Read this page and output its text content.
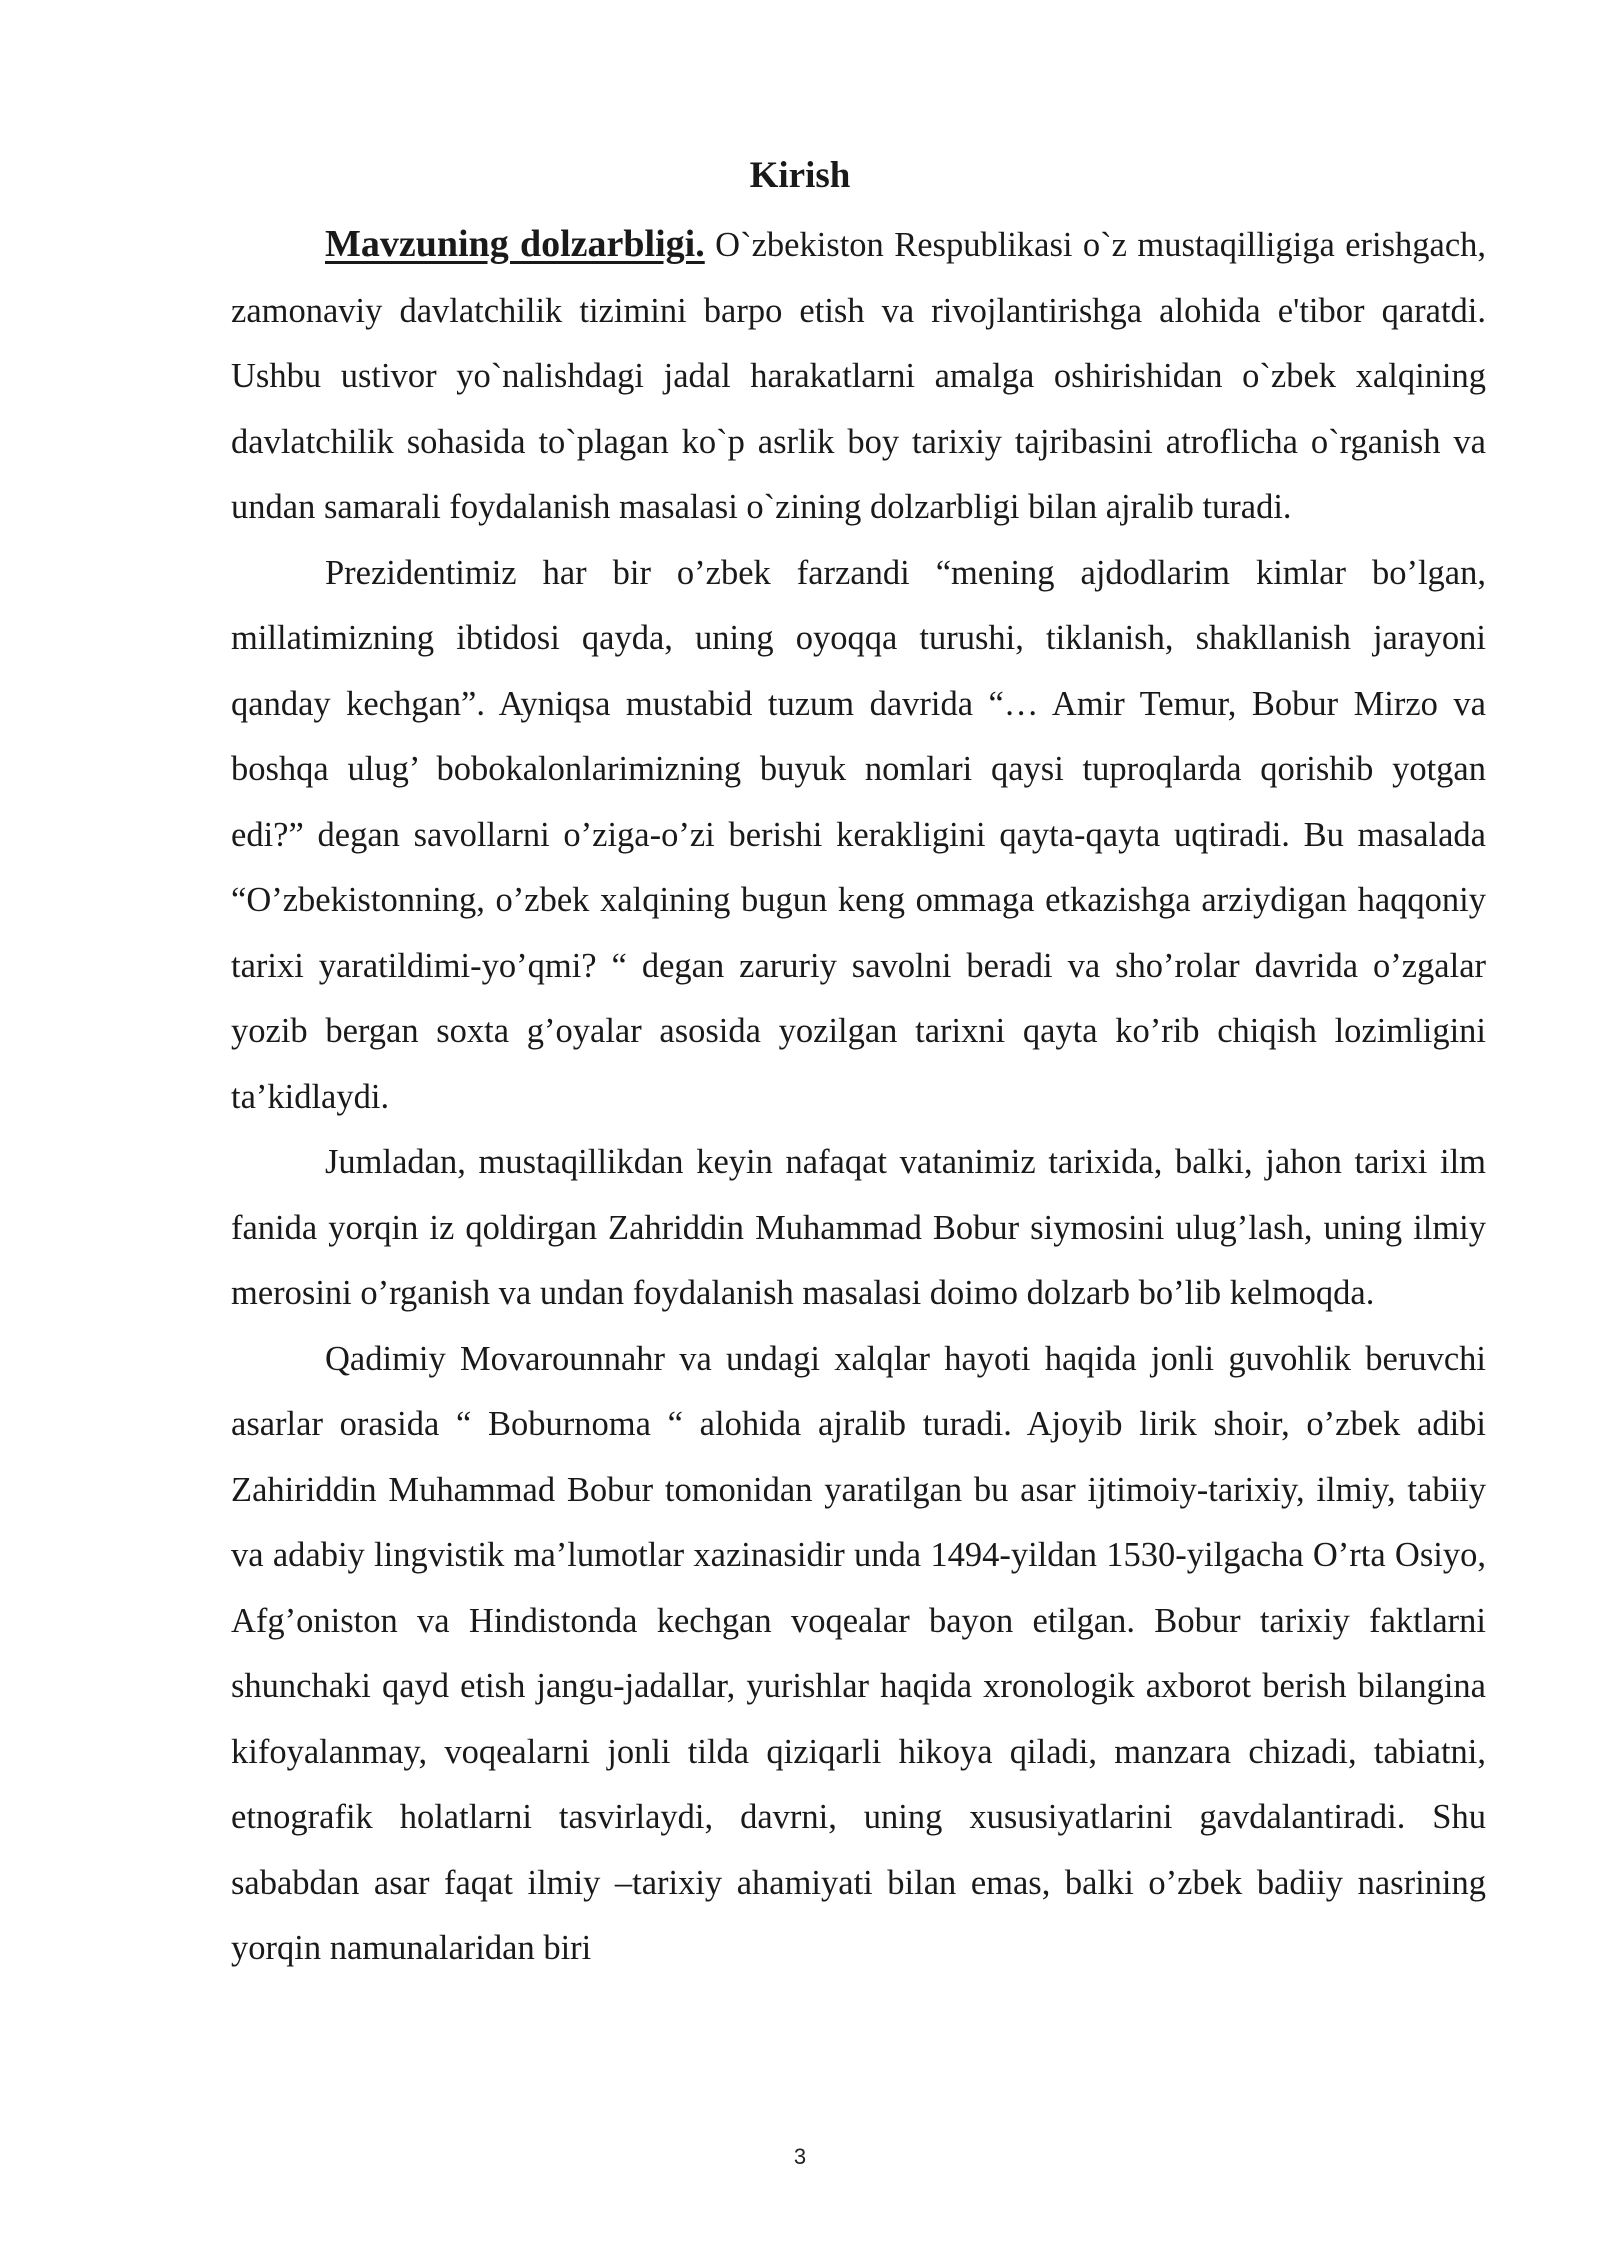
Kirish

Mavzuning dolzarbligi. O`zbekiston Respublikasi o`z mustaqilligiga erishgach, zamonaviy davlatchilik tizimini barpo etish va rivojlantirishga alohida e'tibor qaratdi. Ushbu ustivor yo`nalishdagi jadal harakatlarni amalga oshirishidan o`zbek xalqining davlatchilik sohasida to`plagan ko`p asrlik boy tarixiy tajribasini atroflicha o`rganish va undan samarali foydalanish masalasi o`zining dolzarbligi bilan ajralib turadi.

Prezidentimiz har bir o’zbek farzandi “mening ajdodlarim kimlar bo’lgan, millatimizning ibtidosi qayda, uning oyoqqa turushi, tiklanish, shakllanish jarayoni qanday kechgan”. Ayniqsa mustabid tuzum davrida “… Amir Temur, Bobur Mirzo va boshqa ulug’ bobokalonlarimizning buyuk nomlari qaysi tuproqlarda qorishib yotgan edi?” degan savollarni o’ziga-o’zi berishi kerakligini qayta-qayta uqtiradi. Bu masalada “O’zbekistonning, o’zbek xalqining bugun keng ommaga etkazishga arziydigan haqqoniy tarixi yaratildimi-yo’qmi? “ degan zaruriy savolni beradi va sho’rolar davrida o’zgalar yozib bergan soxta g’oyalar asosida yozilgan tarixni qayta ko’rib chiqish lozimligini ta’kidlaydi.

Jumladan, mustaqillikdan keyin nafaqat vatanimiz tarixida, balki, jahon tarixi ilm fanida yorqin iz qoldirgan Zahriddin Muhammad Bobur siymosini ulug’lash, uning ilmiy merosini o’rganish va undan foydalanish masalasi doimo dolzarb bo’lib kelmoqda.

Qadimiy Movarounnahr va undagi xalqlar hayoti haqida jonli guvohlik beruvchi asarlar orasida “ Boburnoma “ alohida ajralib turadi. Ajoyib lirik shoir, o’zbek adibi Zahiriddin Muhammad Bobur tomonidan yaratilgan bu asar ijtimoiy-tarixiy, ilmiy, tabiiy va adabiy lingvistik ma’lumotlar xazinasidir unda 1494-yildan 1530-yilgacha O’rta Osiyo, Afg’oniston va Hindistonda kechgan voqealar bayon etilgan. Bobur tarixiy faktlarni shunchaki qayd etish jangu-jadallar, yurishlar haqida xronologik axborot berish bilangina kifoyalanmay, voqealarni jonli tilda qiziqarli hikoya qiladi, manzara chizadi, tabiatni, etnografik holatlarni tasvirlaydi, davrni, uning xususiyatlarini gavdalantiradi. Shu sababdan asar faqat ilmiy –tarixiy ahamiyati bilan emas, balki o’zbek badiiy nasrining yorqin namunalaridan biri

3
